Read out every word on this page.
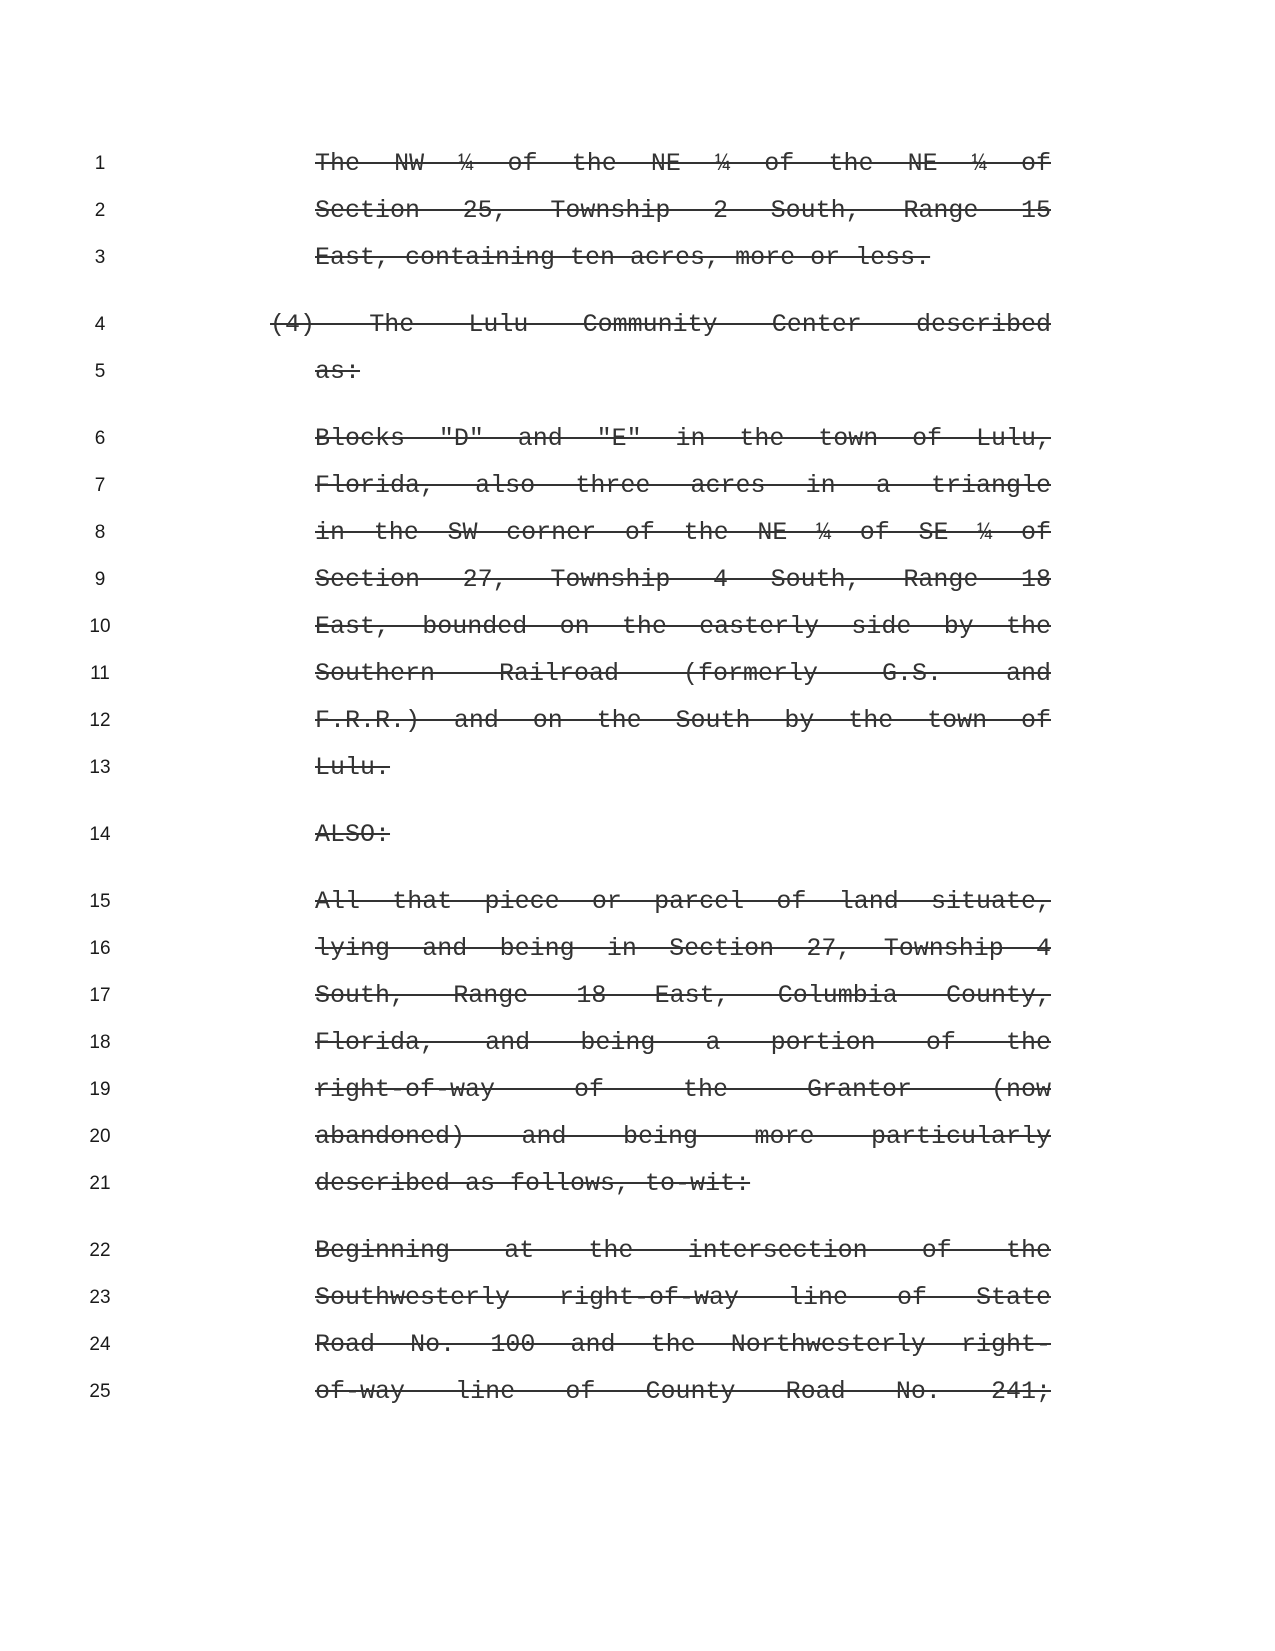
1	The NW ¼ of the NE ¼ of the NE ¼ of
2	Section 25, Township 2 South, Range 15
3	East, containing ten acres, more or less.
4	(4) The Lulu Community Center described
5	as:
6	Blocks "D" and "E" in the town of Lulu,
7	Florida, also three acres in a triangle
8	in the SW corner of the NE ¼ of SE ¼ of
9	Section 27, Township 4 South, Range 18
10	East, bounded on the easterly side by the
11	Southern Railroad (formerly G.S. and
12	F.R.R.) and on the South by the town of
13	Lulu.
14	ALSO:
15	All that piece or parcel of land situate,
16	lying and being in Section 27, Township 4
17	South, Range 18 East, Columbia County,
18	Florida, and being a portion of the
19	right-of-way of the Grantor (now
20	abandoned) and being more particularly
21	described as follows, to-wit:
22	Beginning at the intersection of the
23	Southwesterly right-of-way line of State
24	Road No. 100 and the Northwesterly right-
25	of-way line of County Road No. 241;
